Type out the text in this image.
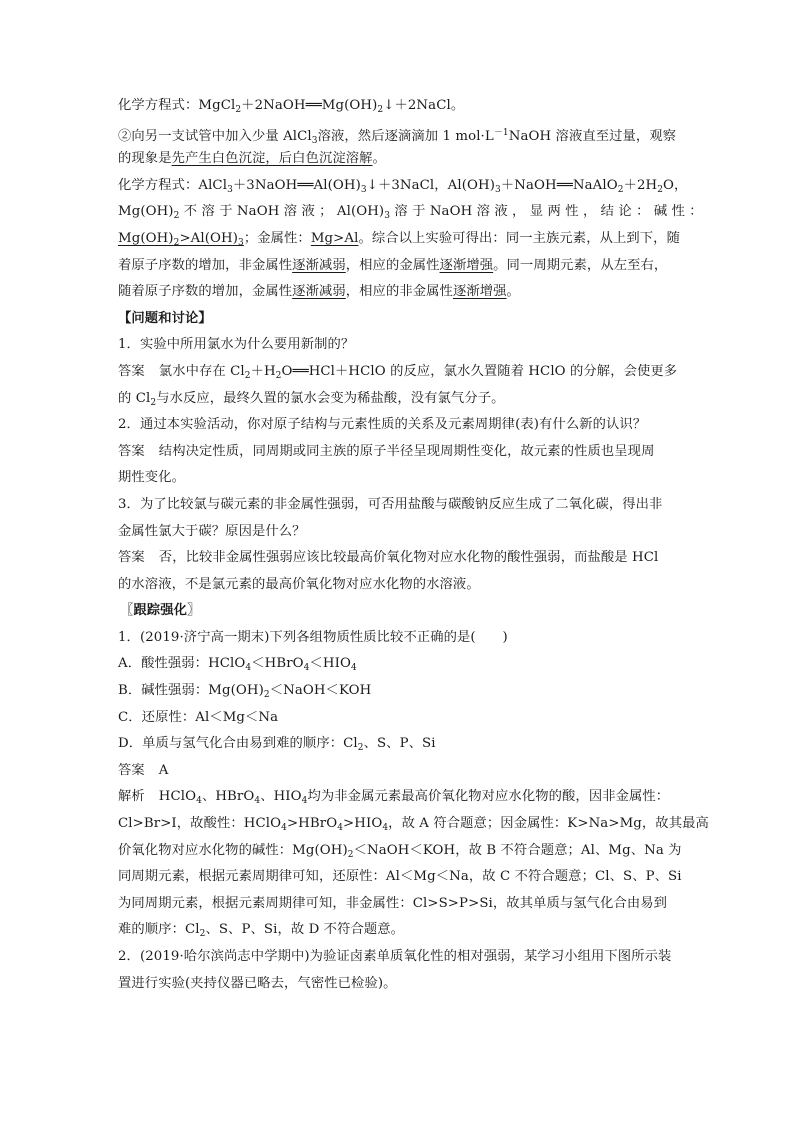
化学方程式：$MgCl_2+2NaOH══Mg(OH)_2↓+2NaCl$。
②向另一支试管中加入少量 AlCl$_3$溶液，然后逐滴滴加 1 $mol\cdot L^{-1}NaOH$ 溶液直至过量，观察
的现象是先产生白色沉淀，后白色沉淀溶解。
化学方程式：$AlCl_3+3NaOH══Al(OH)_3↓+3NaCl$，$Al(OH)_3+NaOH══NaAlO_2+2H_2O$，
$Mg(OH)_2$ 不 溶 于 NaOH 溶 液 ； $Al(OH)_3$ 溶 于 NaOH 溶 液 ， 显 两 性 ， 结 论 ： 碱 性 ：
$Mg(OH)_2>Al(OH)_3$；金属性：Mg>Al。综合以上实验可得出：同一主族元素，从上到下，随
着原子序数的增加，非金属性逐渐减弱，相应的金属性逐渐增强。同一周期元素，从左至右，
随着原子序数的增加，金属性逐渐减弱，相应的非金属性逐渐增强。
【问题和讨论】
1．实验中所用氯水为什么要用新制的？
答案 氯水中存在 $Cl_2+H_2O══HCl+HClO$ 的反应，氯水久置随着 HClO 的分解，会使更多
的 $Cl_2$与水反应，最终久置的氯水会变为稀盐酸，没有氯气分子。
2．通过本实验活动，你对原子结构与元素性质的关系及元素周期律(表)有什么新的认识？
答案 结构决定性质，同周期或同主族的原子半径呈现周期性变化，故元素的性质也呈现周
期性变化。
3．为了比较氯与碳元素的非金属性强弱，可否用盐酸与碳酸钠反应生成了二氧化碳，得出非
金属性氯大于碳？原因是什么？
答案 否，比较非金属性强弱应该比较最高价氧化物对应水化物的酸性强弱，而盐酸是 HCl
的水溶液，不是氯元素的最高价氧化物对应水化物的水溶液。
〖跟踪强化〗
1．(2019·济宁高一期末)下列各组物质性质比较不正确的是(　　)
A．酸性强弱：$HClO_4<HBrO_4<HIO_4$
B．碱性强弱：$Mg(OH)_2<NaOH<KOH$
C．还原性：Al＜Mg＜Na
D．单质与氢气化合由易到难的顺序：$Cl_2$、S、P、Si
答案 A
解析 HClO$_4$、HBrO$_4$、$HIO_4$均为非金属元素最高价氧化物对应水化物的酸，因非金属性：
Cl>Br>I，故酸性：$HClO_4>HBrO_4>HIO_4$，故 A 符合题意；因金属性：K>Na>Mg，故其最高
价氧化物对应水化物的碱性：$Mg(OH)_2<NaOH<KOH$，故 B 不符合题意；Al、Mg、Na 为
同周期元素，根据元素周期律可知，还原性：Al＜Mg＜Na，故 C 不符合题意；Cl、S、P、Si
为同周期元素，根据元素周期律可知，非金属性：Cl>S>P>Si，故其单质与氢气化合由易到
难的顺序：$Cl_2$、S、P、Si，故 D 不符合题意。
2．(2019·哈尔滨尚志中学期中)为验证卤素单质氧化性的相对强弱，某学习小组用下图所示装
置进行实验(夹持仪器已略去，气密性已检验)。
